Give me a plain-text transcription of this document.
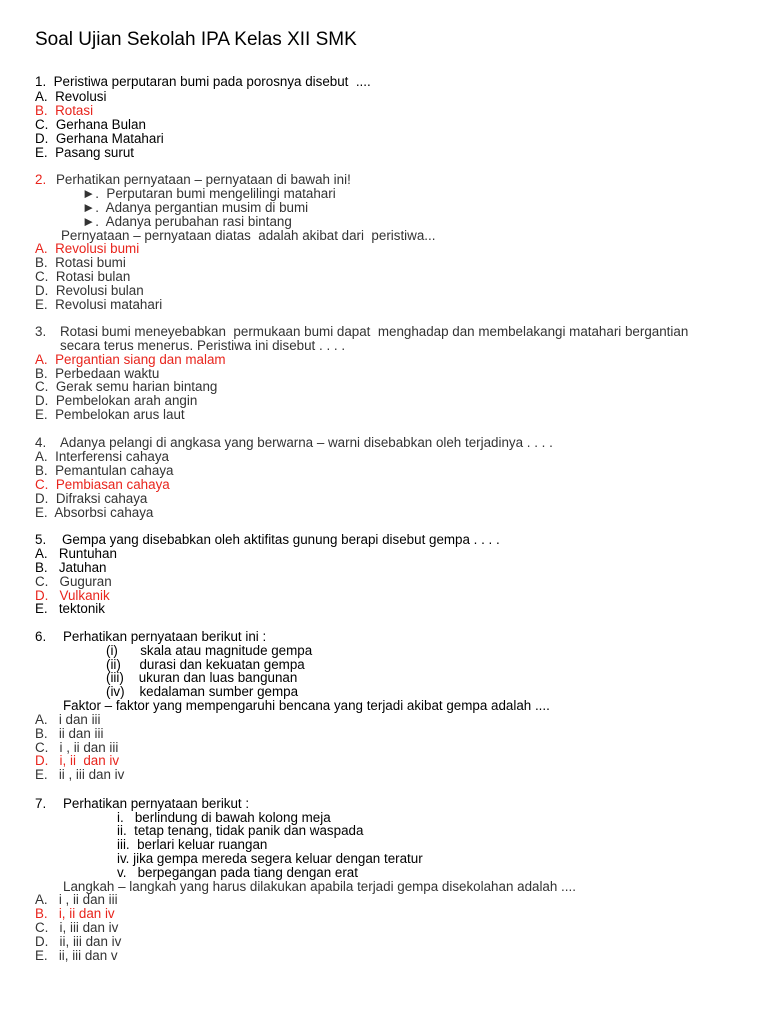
Soal Ujian Sekolah IPA Kelas XII SMK
1.  Peristiwa perputaran bumi pada porosnya disebut  ....
A.  Revolusi
B.  Rotasi
C.  Gerhana Bulan
D.  Gerhana Matahari
E.  Pasang surut
2. Perhatikan pernyataan – pernyataan di bawah ini!
►.  Perputaran bumi mengelilingi matahari
►.  Adanya pergantian musim di bumi
►.  Adanya perubahan rasi bintang
Pernyataan – pernyataan diatas  adalah akibat dari  peristiwa...
A.  Revolusi bumi
B.  Rotasi bumi
C.  Rotasi bulan
D.  Revolusi bulan
E.  Revolusi matahari
3. Rotasi bumi meneyebabkan  permukaan bumi dapat  menghadap dan membelakangi matahari bergantian
secara terus menerus. Peristiwa ini disebut . . . .
A.  Pergantian siang dan malam
B.  Perbedaan waktu
C.  Gerak semu harian bintang
D.  Pembelokan arah angin
E.  Pembelokan arus laut
4. Adanya pelangi di angkasa yang berwarna – warni disebabkan oleh terjadinya . . . .
A.  Interferensi cahaya
B.  Pemantulan cahaya
C.  Pembiasan cahaya
D.  Difraksi cahaya
E.  Absorbsi cahaya
5. Gempa yang disebabkan oleh aktifitas gunung berapi disebut gempa . . . .
A.   Runtuhan
B.   Jatuhan
C.   Guguran
D.   Vulkanik
E.   tektonik
6. Perhatikan pernyataan berikut ini :
(i)      skala atau magnitude gempa
(ii)     durasi dan kekuatan gempa
(iii)    ukuran dan luas bangunan
(iv)    kedalaman sumber gempa
Faktor – faktor yang mempengaruhi bencana yang terjadi akibat gempa adalah ....
A.   i dan iii
B.   ii dan iii
C.   i , ii dan iii
D.   i, ii  dan iv
E.   ii , iii dan iv
7. Perhatikan pernyataan berikut :
i.   berlindung di bawah kolong meja
ii.  tetap tenang, tidak panik dan waspada
iii.  berlari keluar ruangan
iv. jika gempa mereda segera keluar dengan teratur
v.   berpegangan pada tiang dengan erat
Langkah – langkah yang harus dilakukan apabila terjadi gempa disekolahan adalah ....
A.   i , ii dan iii
B.   i, ii dan iv
C.   i, iii dan iv
D.   ii, iii dan iv
E.   ii, iii dan v
